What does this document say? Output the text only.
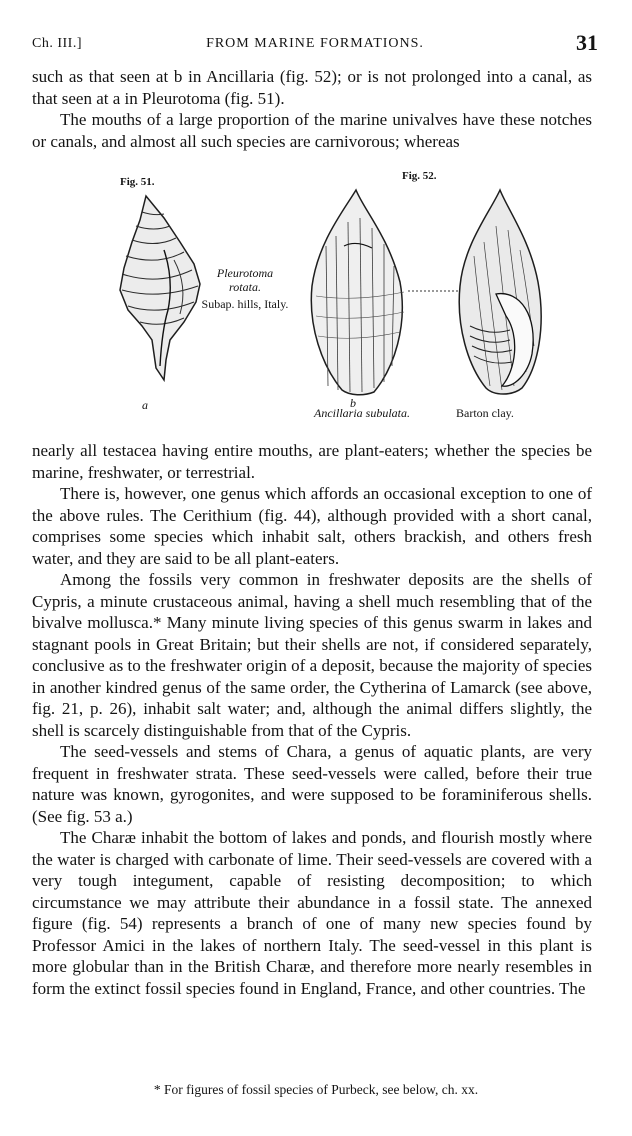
Ch. III.]	FROM MARINE FORMATIONS.	31

such as that seen at b in Ancillaria (fig. 52); or is not prolonged into a canal, as that seen at a in Pleurotoma (fig. 51).

The mouths of a large proportion of the marine univalves have these notches or canals, and almost all such species are carnivorous; whereas

Fig. 51.
Pleurotoma rotata.
Subap. hills, Italy.
a
Fig. 52.
b
Ancillaria subulata.	Barton clay.

nearly all testacea having entire mouths, are plant-eaters; whether the species be marine, freshwater, or terrestrial.

There is, however, one genus which affords an occasional exception to one of the above rules. The Cerithium (fig. 44), although provided with a short canal, comprises some species which inhabit salt, others brackish, and others fresh water, and they are said to be all plant-eaters.

Among the fossils very common in freshwater deposits are the shells of Cypris, a minute crustaceous animal, having a shell much resembling that of the bivalve mollusca.* Many minute living species of this genus swarm in lakes and stagnant pools in Great Britain; but their shells are not, if considered separately, conclusive as to the freshwater origin of a deposit, because the majority of species in another kindred genus of the same order, the Cytherina of Lamarck (see above, fig. 21, p. 26), inhabit salt water; and, although the animal differs slightly, the shell is scarcely distinguishable from that of the Cypris.

The seed-vessels and stems of Chara, a genus of aquatic plants, are very frequent in freshwater strata. These seed-vessels were called, before their true nature was known, gyrogonites, and were supposed to be foraminiferous shells. (See fig. 53 a.)

The Charæ inhabit the bottom of lakes and ponds, and flourish mostly where the water is charged with carbonate of lime. Their seed-vessels are covered with a very tough integument, capable of resisting decomposition; to which circumstance we may attribute their abundance in a fossil state. The annexed figure (fig. 54) represents a branch of one of many new species found by Professor Amici in the lakes of northern Italy. The seed-vessel in this plant is more globular than in the British Charæ, and therefore more nearly resembles in form the extinct fossil species found in England, France, and other countries. The

* For figures of fossil species of Purbeck, see below, ch. xx.
